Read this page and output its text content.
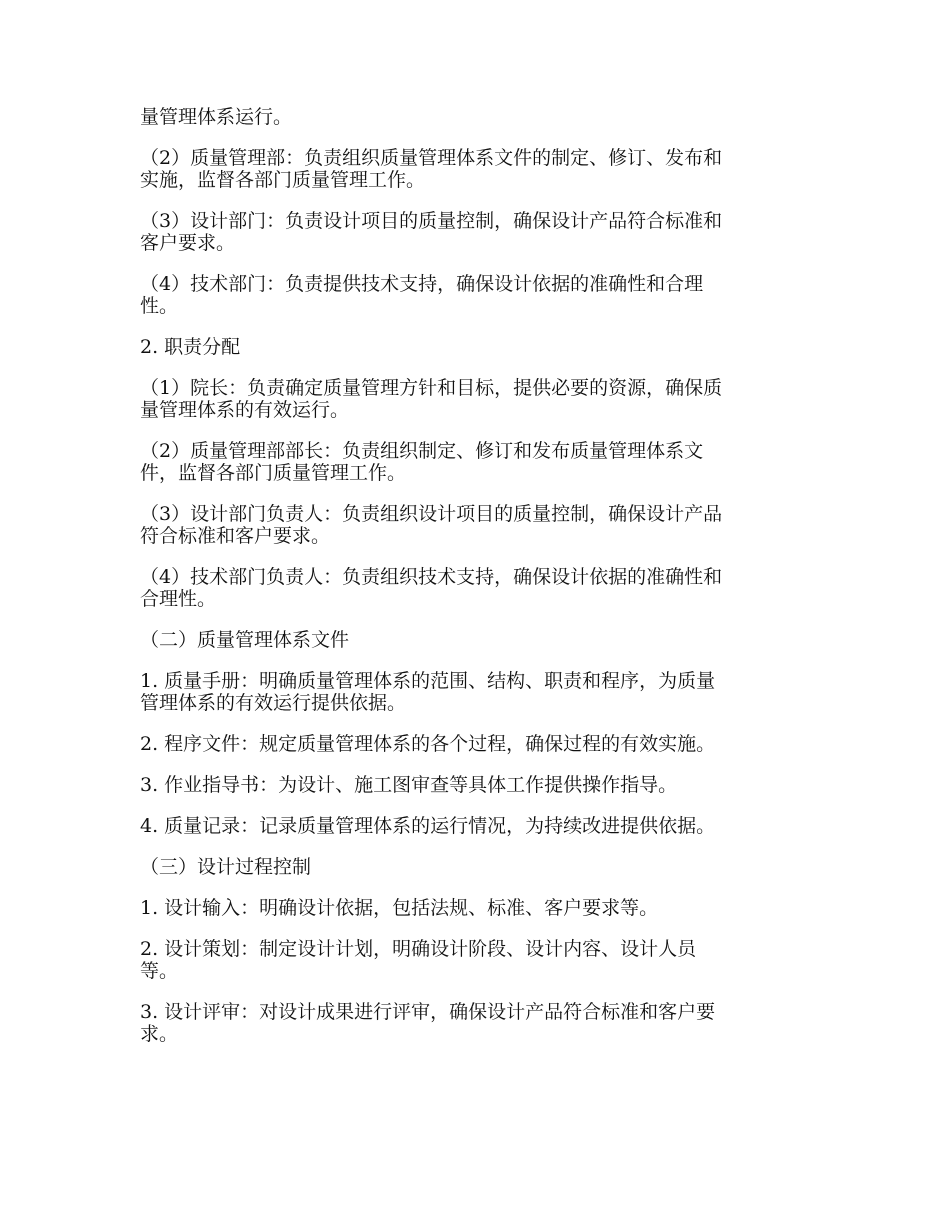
量管理体系运行。

（2）质量管理部：负责组织质量管理体系文件的制定、修订、发布和
实施，监督各部门质量管理工作。

（3）设计部门：负责设计项目的质量控制，确保设计产品符合标准和
客户要求。

（4）技术部门：负责提供技术支持，确保设计依据的准确性和合理
性。

2. 职责分配

（1）院长：负责确定质量管理方针和目标，提供必要的资源，确保质
量管理体系的有效运行。

（2）质量管理部部长：负责组织制定、修订和发布质量管理体系文
件，监督各部门质量管理工作。

（3）设计部门负责人：负责组织设计项目的质量控制，确保设计产品
符合标准和客户要求。

（4）技术部门负责人：负责组织技术支持，确保设计依据的准确性和
合理性。

（二）质量管理体系文件

1. 质量手册：明确质量管理体系的范围、结构、职责和程序，为质量
管理体系的有效运行提供依据。

2. 程序文件：规定质量管理体系的各个过程，确保过程的有效实施。

3. 作业指导书：为设计、施工图审查等具体工作提供操作指导。

4. 质量记录：记录质量管理体系的运行情况，为持续改进提供依据。

（三）设计过程控制

1. 设计输入：明确设计依据，包括法规、标准、客户要求等。

2. 设计策划：制定设计计划，明确设计阶段、设计内容、设计人员
等。

3. 设计评审：对设计成果进行评审，确保设计产品符合标准和客户要
求。
